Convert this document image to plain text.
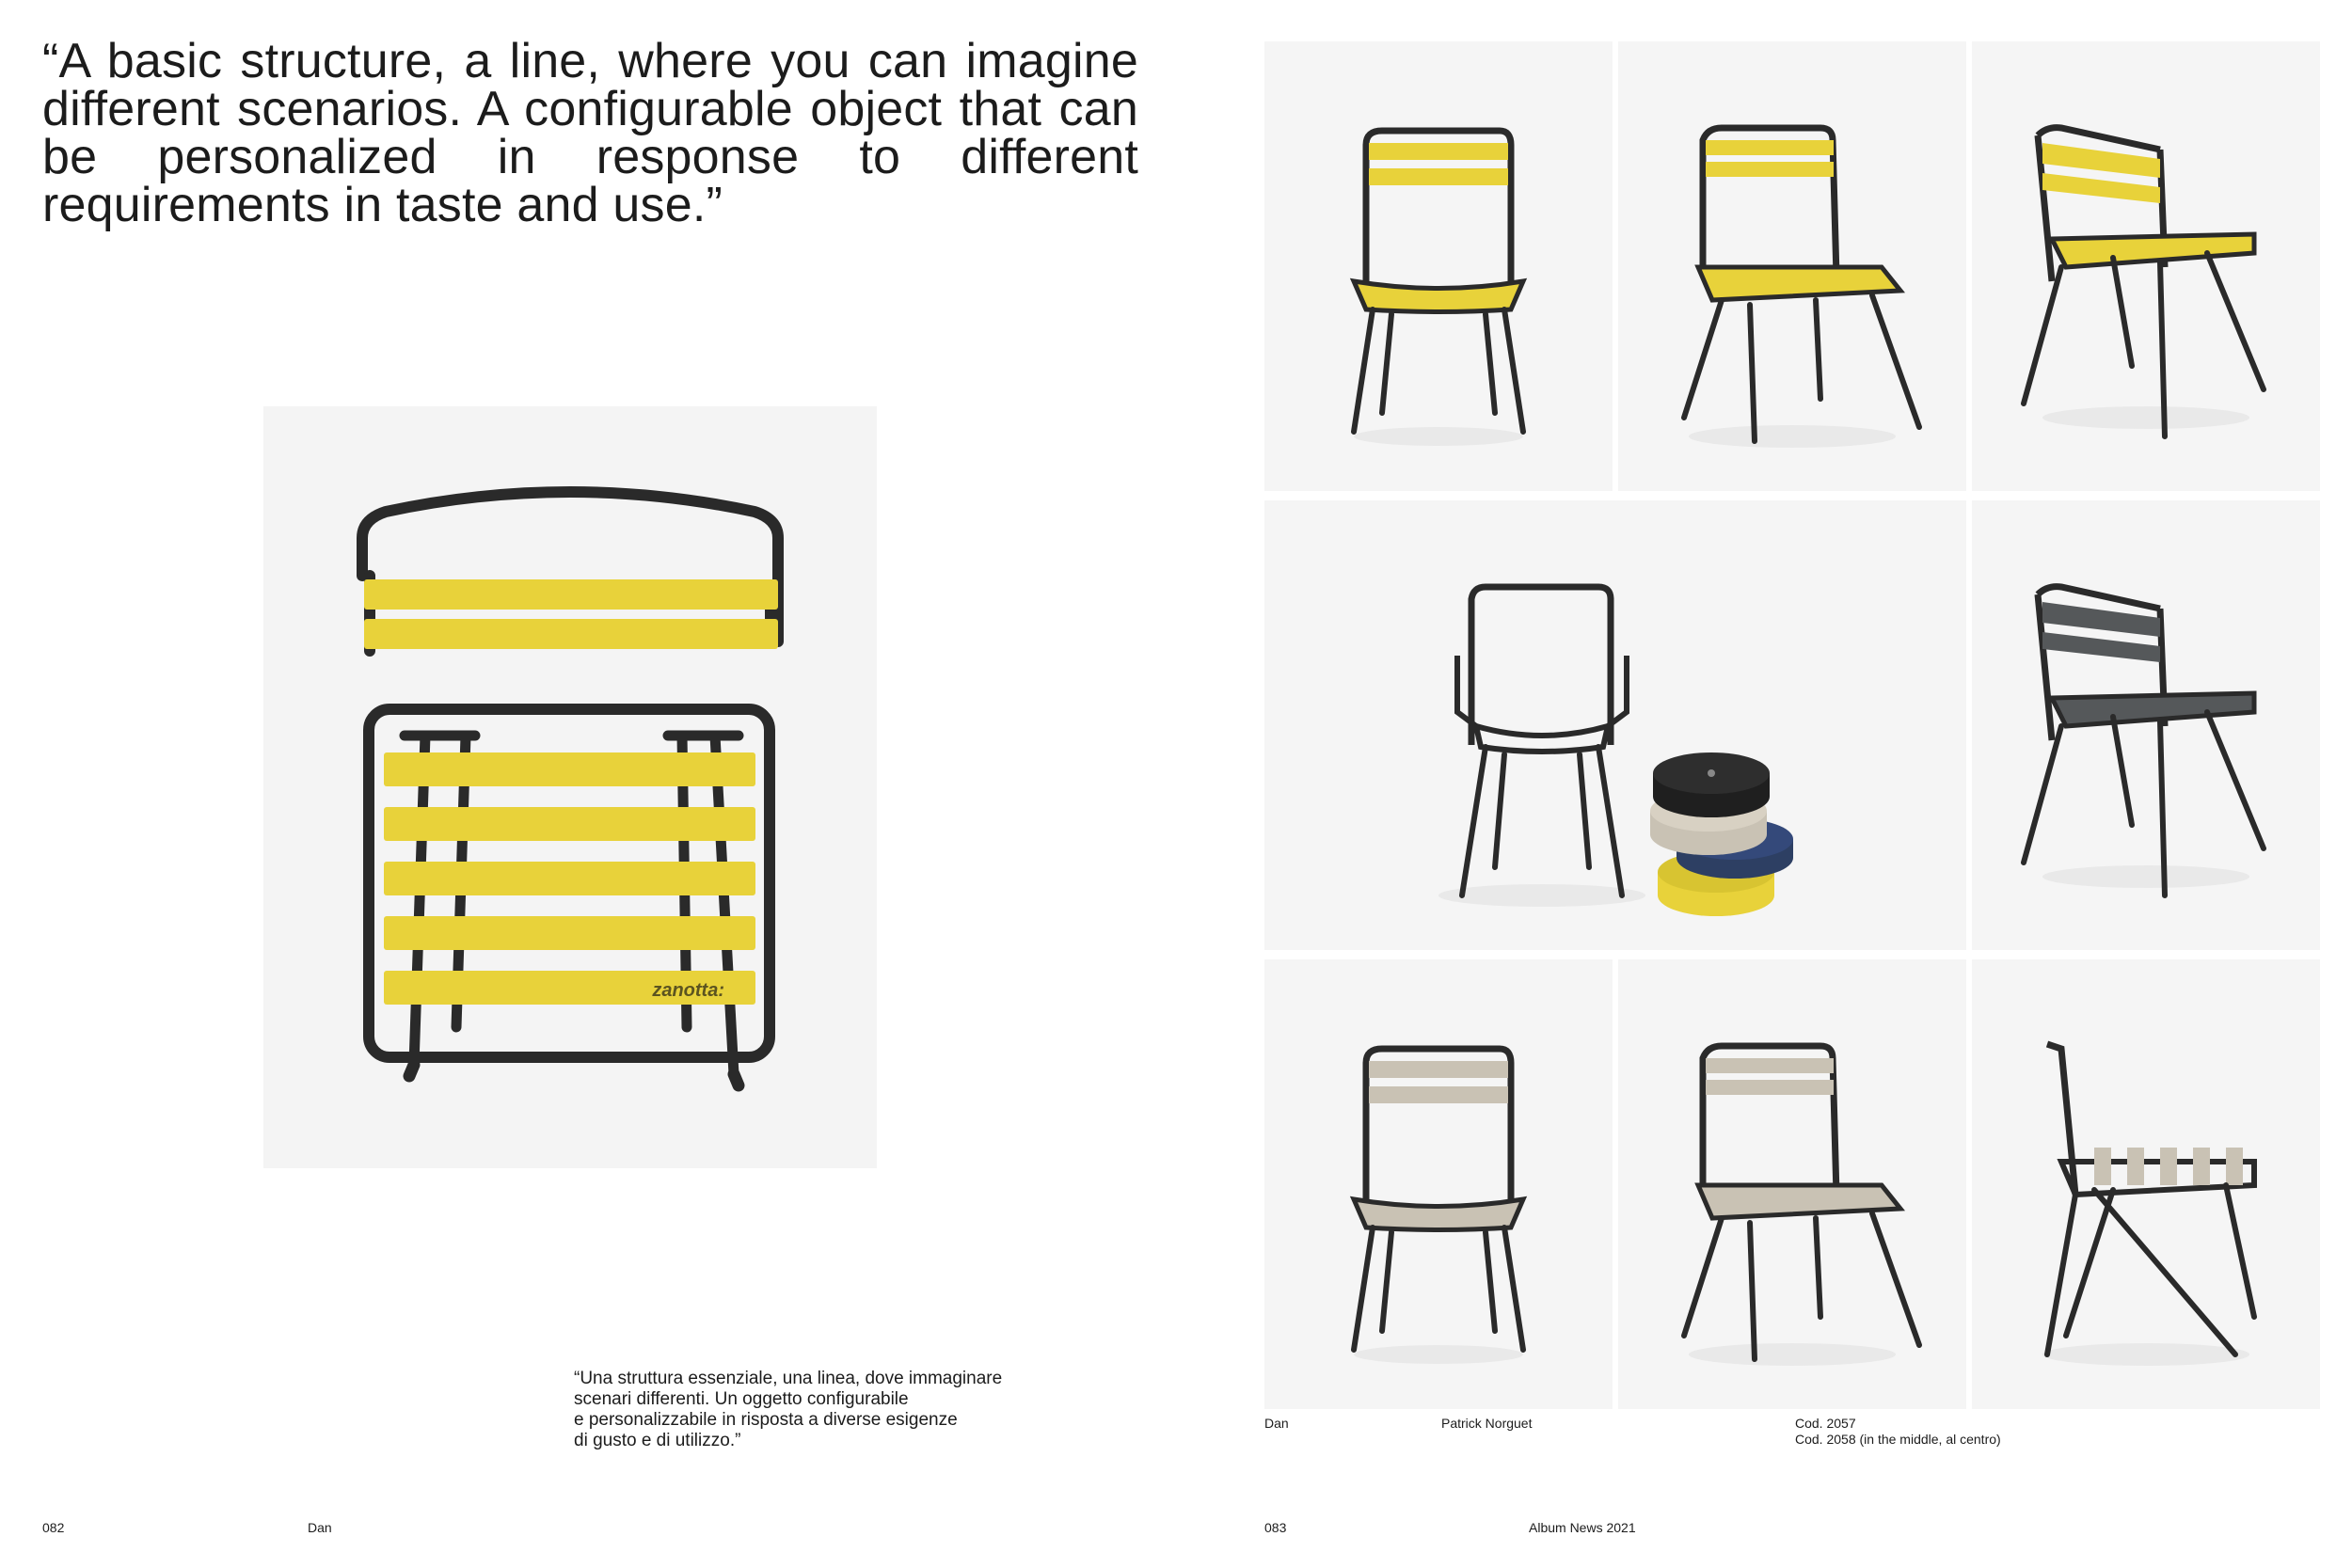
“A basic structure, a line, where you can imagine different scenarios. A configurable object that can be personalized in response to different requirements in taste and use.”

zanotta:

“Una struttura essenziale, una linea, dove immaginare
scenari differenti. Un oggetto configurabile
e personalizzabile in risposta a diverse esigenze
di gusto e di utilizzo.”

082	Dan
Dan	Patrick Norguet	Cod. 2057
Cod. 2058 (in the middle, al centro)
083	Album News 2021
